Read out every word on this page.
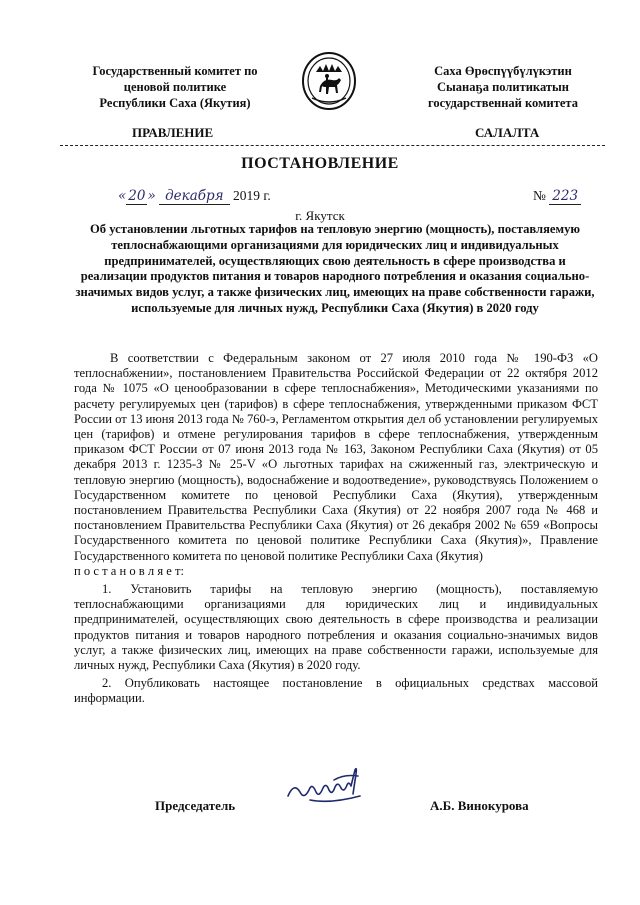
Государственный комитет по
ценовой политике
Республики Саха (Якутия)
Саха Өрөспүүбүлүкэтин
Сыанаҕа политикатын
государственнай комитета
ПРАВЛЕНИЕ	САЛАЛТА
ПОСТАНОВЛЕНИЕ
« 20 » декабря 2019 г.	№ 223
г. Якутск
Об установлении льготных тарифов на тепловую энергию (мощность), поставляемую теплоснабжающими организациями для юридических лиц и индивидуальных предпринимателей, осуществляющих свою деятельность в сфере производства и реализации продуктов питания и товаров народного потребления и оказания социально-значимых видов услуг, а также физических лиц, имеющих на праве собственности гаражи, используемые для личных нужд, Республики Саха (Якутия) в 2020 году

В соответствии с Федеральным законом от 27 июля 2010 года № 190-ФЗ «О теплоснабжении», постановлением Правительства Российской Федерации от 22 октября 2012 года № 1075 «О ценообразовании в сфере теплоснабжения», Методическими указаниями по расчету регулируемых цен (тарифов) в сфере теплоснабжения, утвержденными приказом ФСТ России от 13 июня 2013 года № 760-э, Регламентом открытия дел об установлении регулируемых цен (тарифов) и отмене регулирования тарифов в сфере теплоснабжения, утвержденным приказом ФСТ России от 07 июня 2013 года № 163, Законом Республики Саха (Якутия) от 05 декабря 2013 г. 1235-З № 25-V «О льготных тарифах на сжиженный газ, электрическую и тепловую энергию (мощность), водоснабжение и водоотведение», руководствуясь Положением о Государственном комитете по ценовой Республики Саха (Якутия), утвержденным постановлением Правительства Республики Саха (Якутия) от 22 ноября 2007 года № 468 и постановлением Правительства Республики Саха (Якутия) от 26 декабря 2002 № 659 «Вопросы Государственного комитета по ценовой политике Республики Саха (Якутия)», Правление Государственного комитета по ценовой политике Республики Саха (Якутия)

п о с т а н о в л я е т:

1. Установить тарифы на тепловую энергию (мощность), поставляемую теплоснабжающими организациями для юридических лиц и индивидуальных предпринимателей, осуществляющих свою деятельность в сфере производства и реализации продуктов питания и товаров народного потребления и оказания социально-значимых видов услуг, а также физических лиц, имеющих на праве собственности гаражи, используемые для личных нужд, Республики Саха (Якутия) в 2020 году.

2. Опубликовать настоящее постановление в официальных средствах массовой информации.

Председатель	А.Б. Винокурова
